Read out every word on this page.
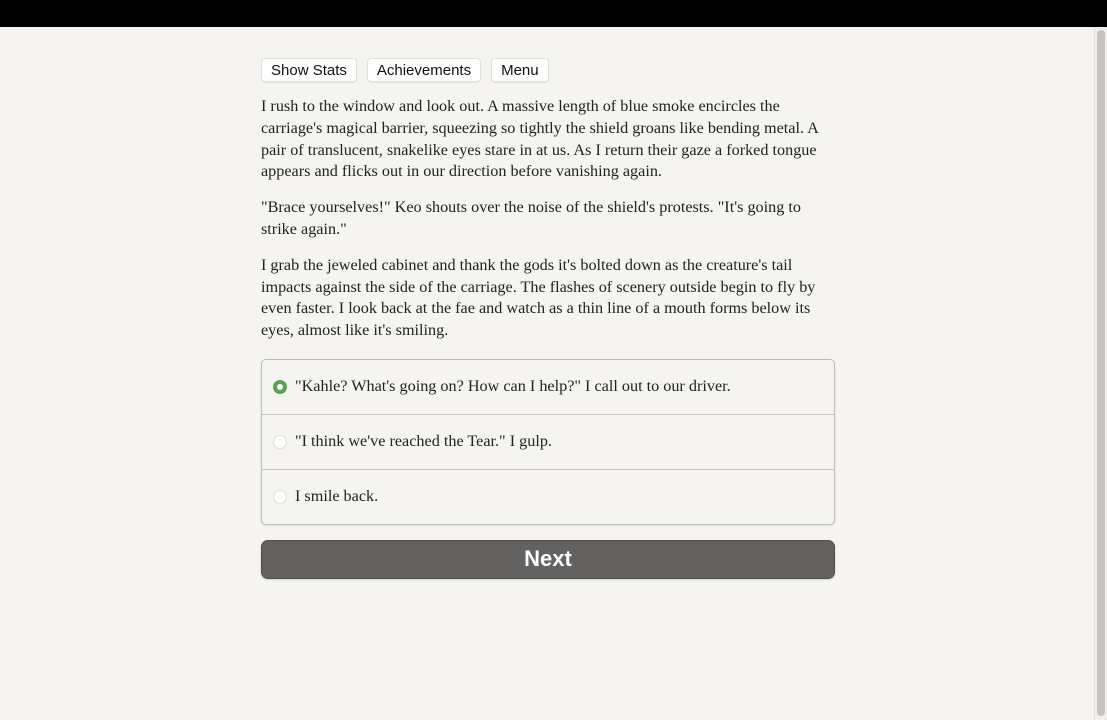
Show Stats	Achievements	Menu

I rush to the window and look out. A massive length of blue smoke encircles the carriage's magical barrier, squeezing so tightly the shield groans like bending metal. A pair of translucent, snakelike eyes stare in at us. As I return their gaze a forked tongue appears and flicks out in our direction before vanishing again.

"Brace yourselves!" Keo shouts over the noise of the shield's protests. "It's going to strike again."

I grab the jeweled cabinet and thank the gods it's bolted down as the creature's tail impacts against the side of the carriage. The flashes of scenery outside begin to fly by even faster. I look back at the fae and watch as a thin line of a mouth forms below its eyes, almost like it's smiling.

"Kahle? What's going on? How can I help?" I call out to our driver.
"I think we've reached the Tear." I gulp.
I smile back.
Next
